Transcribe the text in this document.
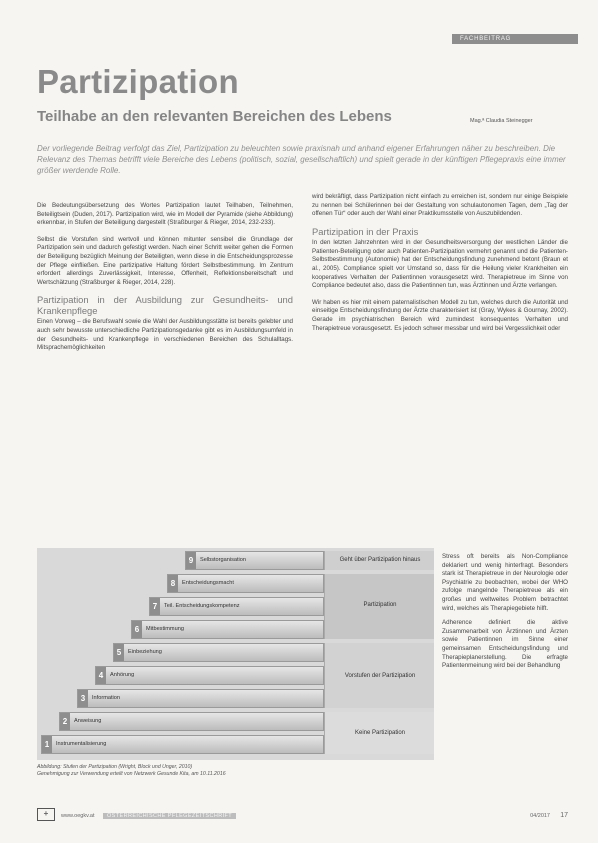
FACHBEITRAG
Partizipation
Teilhabe an den relevanten Bereichen des Lebens	Mag.ª Claudia Steinegger

Der vorliegende Beitrag verfolgt das Ziel, Partizipation zu beleuchten sowie praxisnah und anhand eigener Erfahrungen näher zu beschreiben. Die Relevanz des Themas betrifft viele Bereiche des Lebens (politisch, sozial, gesellschaftlich) und spielt gerade in der künftigen Pflegepraxis eine immer größer werdende Rolle.

Die Bedeutungsübersetzung des Wortes Partizipation lautet Teilhaben, Teilnehmen, Beteiligtsein (Duden, 2017). Partizipation wird, wie im Modell der Pyramide (siehe Abbildung) erkennbar, in Stufen der Beteiligung dargestellt (Straßburger & Rieger, 2014, 232-233).

Selbst die Vorstufen sind wertvoll und können mitunter sensibel die Grundlage der Partizipation sein und dadurch gefestigt werden. Nach einer Schritt weiter gehen die Formen der Beteiligung bezüglich Meinung der Beteiligten, wenn diese in die Entscheidungsprozesse der Pflege einfließen. Eine partizipative Haltung fördert Selbstbestimmung. Im Zentrum erfordert allerdings Zuverlässigkeit, Interesse, Offenheit, Reflektionsbereitschaft und Wertschätzung (Straßburger & Rieger, 2014, 228).

Partizipation in der Ausbildung zur Gesundheits- und Krankenpflege

Einen Vorweg – die Berufswahl sowie die Wahl der Ausbildungsstätte ist bereits gelebter und auch sehr bewusste unterschiedliche Partizipationsgedanke gibt es im Ausbildungsumfeld in der Gesundheits- und Krankenpflege in verschiedenen Bereichen des Schulalltags. Mitsprachemöglichkeiten

wird bekräftigt, dass Partizipation nicht einfach zu erreichen ist, sondern nur einige Beispiele zu nennen bei Schülerinnen bei der Gestaltung von schulautonomen Tagen, dem „Tag der offenen Tür“ oder auch der Wahl einer Praktikumsstelle von Auszubildenden.

Partizipation in der Praxis

In den letzten Jahrzehnten wird in der Gesundheitsversorgung der westlichen Länder die Patienten-Beteiligung oder auch Patienten-Partizipation vermehrt genannt und die Patienten-Selbstbestimmung (Autonomie) hat der Entscheidungsfindung zunehmend betont (Braun et al., 2005). Compliance spielt vor Umstand so, dass für die Heilung vieler Krankheiten ein kooperatives Verhalten der Patientinnen vorausgesetzt wird. Therapietreue im Sinne von Compliance bedeutet also, dass die Patientinnen tun, was Ärztinnen und Ärzte verlangen.

Wir haben es hier mit einem paternalistischen Modell zu tun, welches durch die Autorität und einseitige Entscheidungsfindung der Ärzte charakterisiert ist (Gray, Wykes & Gournay, 2002). Gerade im psychiatrischen Bereich wird zumindest konsequentes Verhalten und Therapietreue vorausgesetzt. Es jedoch schwer messbar und wird bei Vergesslichkeit oder

Stress oft bereits als Non-Compliance deklariert und wenig hinterfragt. Besonders stark ist Therapietreue in der Neurologie oder Psychiatrie zu beobachten, wobei der WHO zufolge mangelnde Therapietreue als ein großes und weltweites Problem betrachtet wird, welches als Therapiegebiete hilft.

Adherence definiert die aktive Zusammenarbeit von Ärztinnen und Ärzten sowie Patientinnen im Sinne einer gemeinsamen Entscheidungsfindung und Therapieplanerstellung. Die erfragte Patientenmeinung wird bei der Behandlung

9 Selbstorganisation
8 Entscheidungsmacht
7 Teil. Entscheidungskompetenz
6 Mitbestimmung
5 Einbeziehung
4 Anhörung
3 Information
2 Anweisung
1 Instrumentalisierung
Geht über Partizipation hinaus
Partizipation
Vorstufen der Partizipation
Keine Partizipation
Abbildung: Stufen der Partizipation (Wright, Block und Unger, 2010)
Genehmigung zur Verwendung erteilt von Netzwerk Gesunde Kita, am 10.11.2016
+	www.oegkv.at	ÖSTERREICHISCHE PFLEGEZEITSCHRIFT	04/2017 17
